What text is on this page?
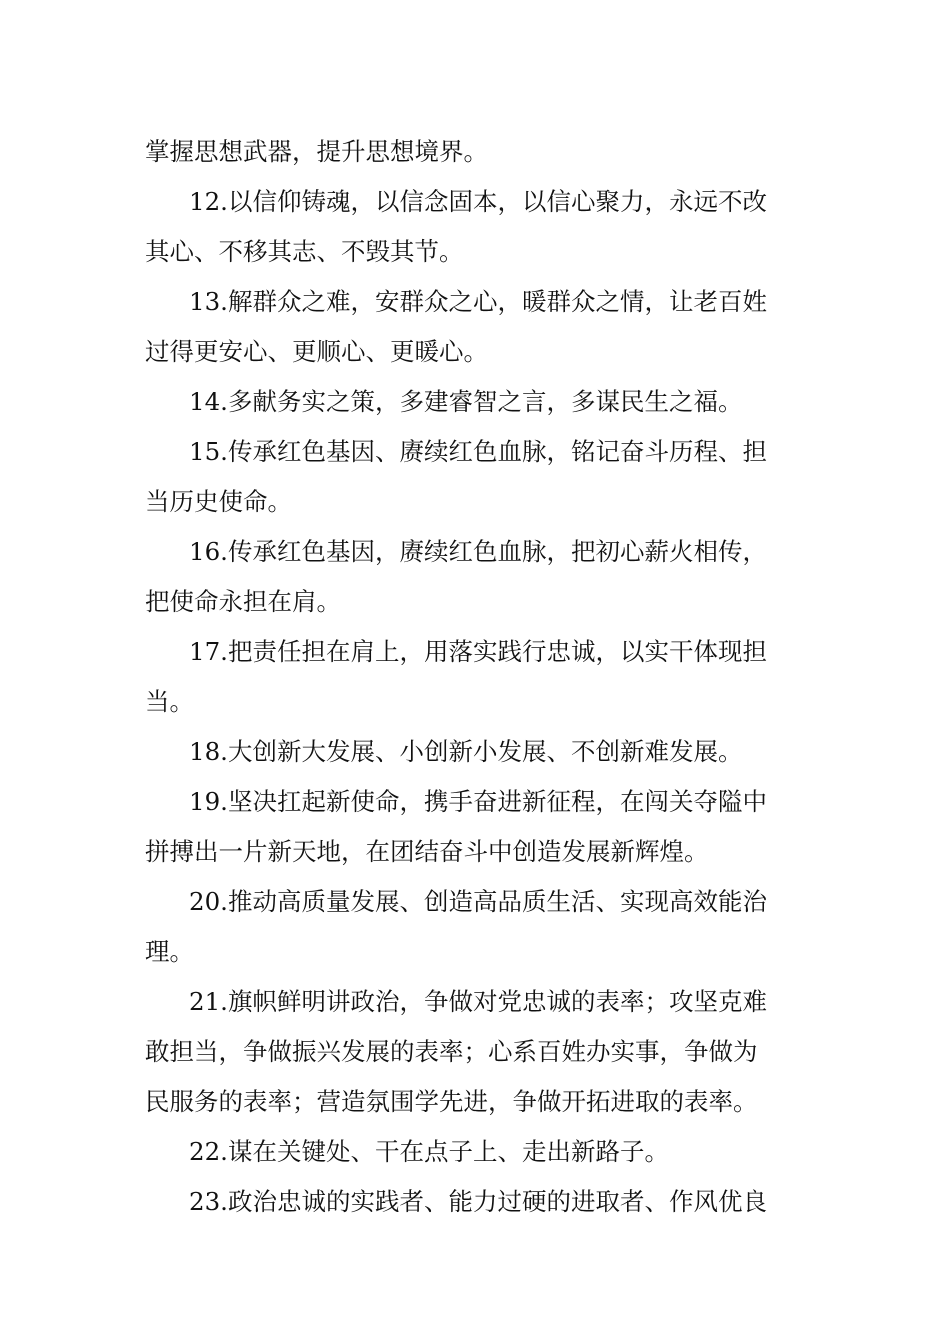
掌握思想武器，提升思想境界。
12.以信仰铸魂，以信念固本，以信心聚力，永远不改
其心、不移其志、不毁其节。
13.解群众之难，安群众之心，暖群众之情，让老百姓
过得更安心、更顺心、更暖心。
14.多献务实之策，多建睿智之言，多谋民生之福。
15.传承红色基因、赓续红色血脉，铭记奋斗历程、担
当历史使命。
16.传承红色基因，赓续红色血脉，把初心薪火相传，
把使命永担在肩。
17.把责任担在肩上，用落实践行忠诚，以实干体现担
当。
18.大创新大发展、小创新小发展、不创新难发展。
19.坚决扛起新使命，携手奋进新征程，在闯关夺隘中
拼搏出一片新天地，在团结奋斗中创造发展新辉煌。
20.推动高质量发展、创造高品质生活、实现高效能治
理。
21.旗帜鲜明讲政治，争做对党忠诚的表率；攻坚克难
敢担当，争做振兴发展的表率；心系百姓办实事，争做为
民服务的表率；营造氛围学先进，争做开拓进取的表率。
22.谋在关键处、干在点子上、走出新路子。
23.政治忠诚的实践者、能力过硬的进取者、作风优良
